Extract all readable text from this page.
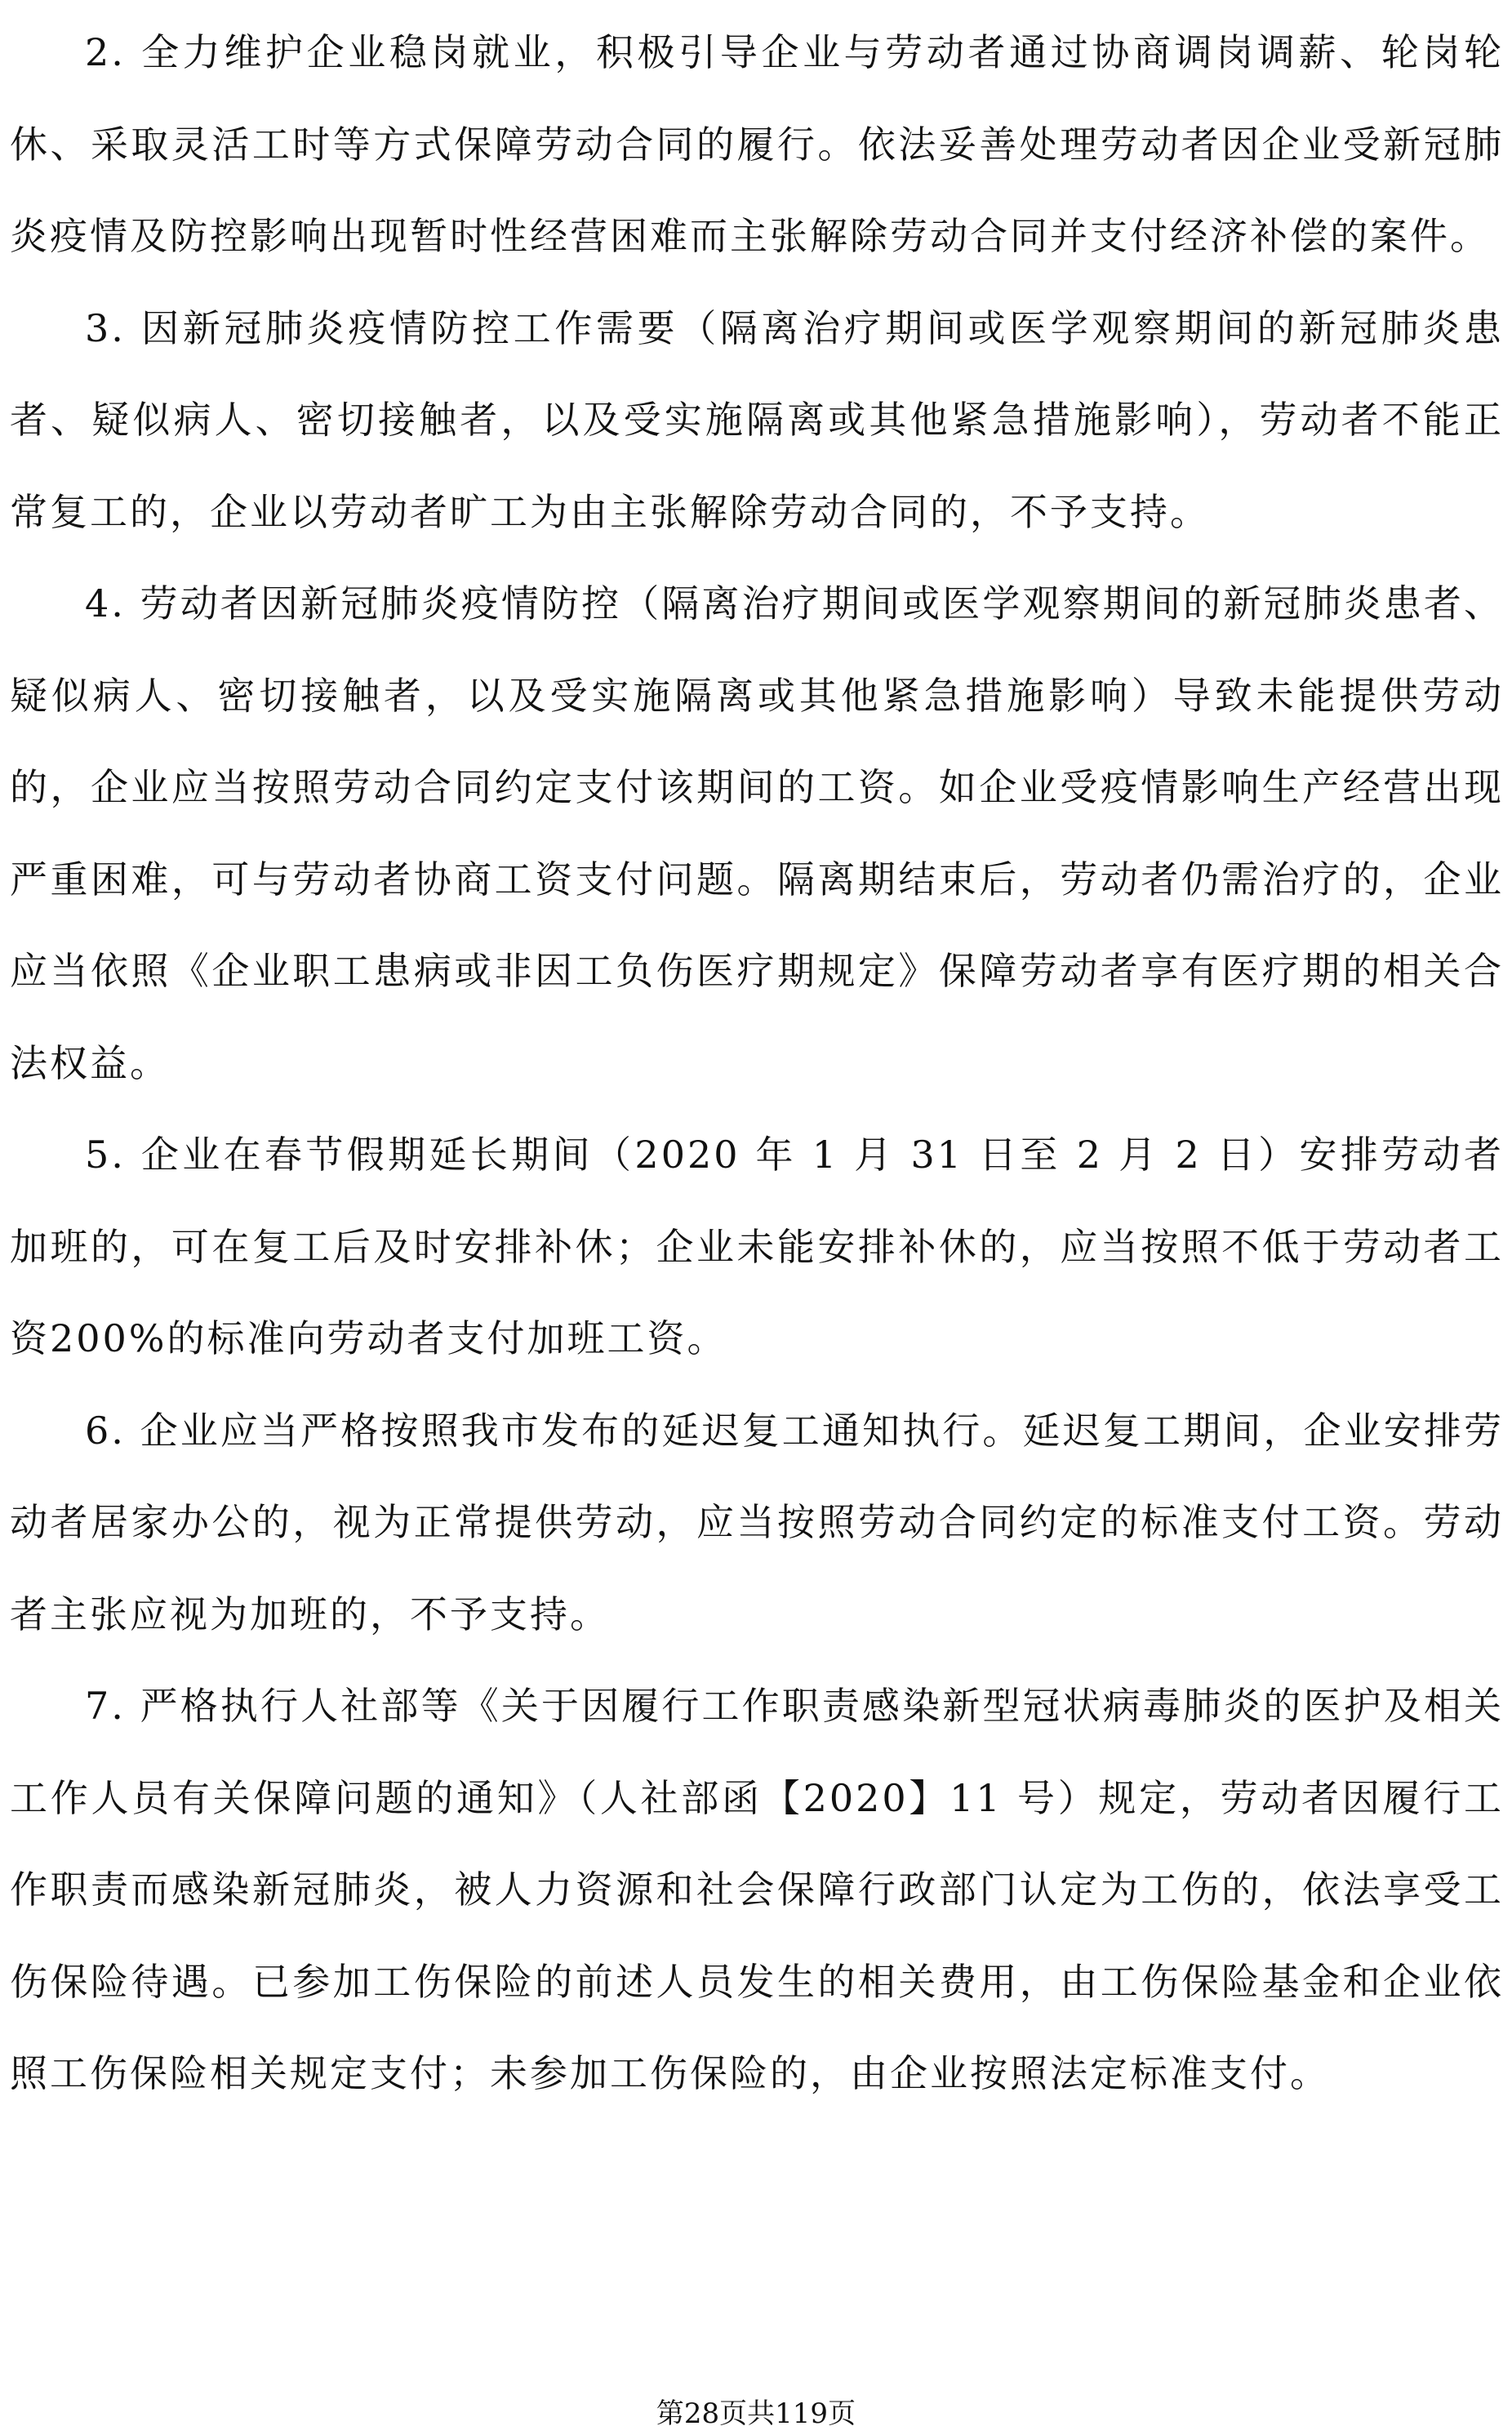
2. 全力维护企业稳岗就业，积极引导企业与劳动者通过协商调岗调薪、轮岗轮休、采取灵活工时等方式保障劳动合同的履行。依法妥善处理劳动者因企业受新冠肺炎疫情及防控影响出现暂时性经营困难而主张解除劳动合同并支付经济补偿的案件。

3. 因新冠肺炎疫情防控工作需要（隔离治疗期间或医学观察期间的新冠肺炎患者、疑似病人、密切接触者，以及受实施隔离或其他紧急措施影响），劳动者不能正常复工的，企业以劳动者旷工为由主张解除劳动合同的，不予支持。

4. 劳动者因新冠肺炎疫情防控（隔离治疗期间或医学观察期间的新冠肺炎患者、疑似病人、密切接触者，以及受实施隔离或其他紧急措施影响）导致未能提供劳动的，企业应当按照劳动合同约定支付该期间的工资。如企业受疫情影响生产经营出现严重困难，可与劳动者协商工资支付问题。隔离期结束后，劳动者仍需治疗的，企业应当依照《企业职工患病或非因工负伤医疗期规定》保障劳动者享有医疗期的相关合法权益。

5. 企业在春节假期延长期间（2020 年 1 月 31 日至 2 月 2 日）安排劳动者加班的，可在复工后及时安排补休；企业未能安排补休的，应当按照不低于劳动者工资200%的标准向劳动者支付加班工资。

6. 企业应当严格按照我市发布的延迟复工通知执行。延迟复工期间，企业安排劳动者居家办公的，视为正常提供劳动，应当按照劳动合同约定的标准支付工资。劳动者主张应视为加班的，不予支持。

7. 严格执行人社部等《关于因履行工作职责感染新型冠状病毒肺炎的医护及相关工作人员有关保障问题的通知》（人社部函【2020】11 号）规定，劳动者因履行工作职责而感染新冠肺炎，被人力资源和社会保障行政部门认定为工伤的，依法享受工伤保险待遇。已参加工伤保险的前述人员发生的相关费用，由工伤保险基金和企业依照工伤保险相关规定支付；未参加工伤保险的，由企业按照法定标准支付。

第28页共119页
